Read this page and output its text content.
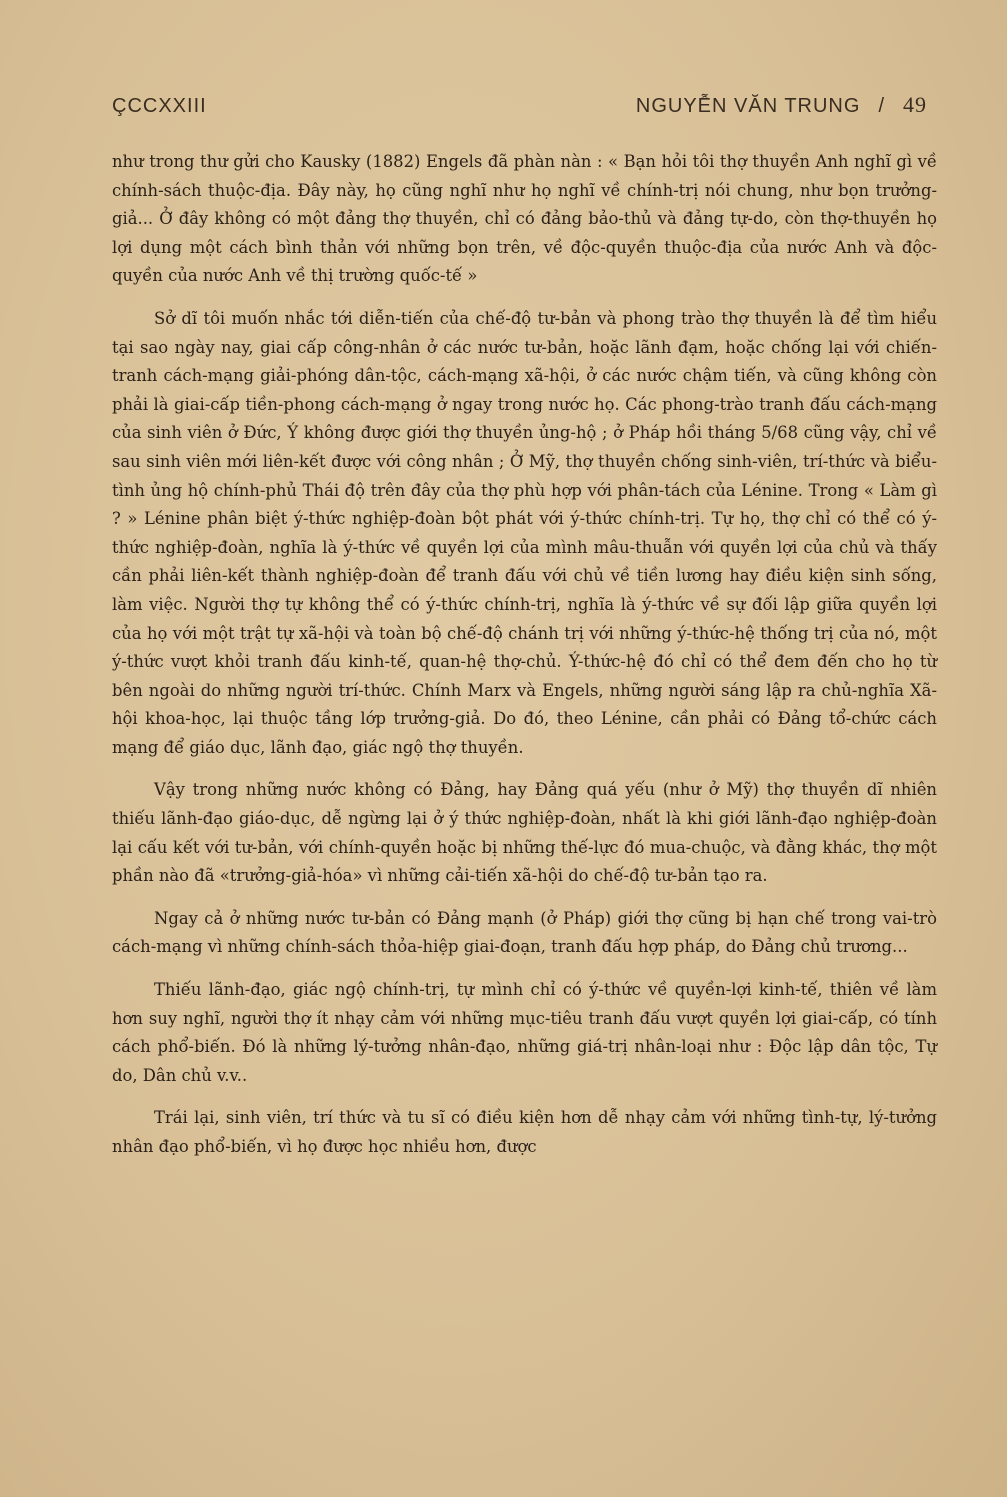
ÇCCXXIII	NGUYỄN VĂN TRUNG / 49

như trong thư gửi cho Kausky (1882) Engels đã phàn nàn : « Bạn hỏi tôi thợ thuyền Anh nghĩ gì về chính-sách thuộc-địa. Đây này, họ cũng nghĩ như họ nghĩ về chính-trị nói chung, như bọn trưởng-giả... Ở đây không có một đảng thợ thuyền, chỉ có đảng bảo-thủ và đảng tự-do, còn thợ-thuyền họ lợi dụng một cách bình thản với những bọn trên, về độc-quyền thuộc-địa của nước Anh và độc-quyền của nước Anh về thị trường quốc-tế »

Sở dĩ tôi muốn nhắc tới diễn-tiến của chế-độ tư-bản và phong trào thợ thuyền là để tìm hiểu tại sao ngày nay, giai cấp công-nhân ở các nước tư-bản, hoặc lãnh đạm, hoặc chống lại với chiến-tranh cách-mạng giải-phóng dân-tộc, cách-mạng xã-hội, ở các nước chậm tiến, và cũng không còn phải là giai-cấp tiền-phong cách-mạng ở ngay trong nước họ. Các phong-trào tranh đấu cách-mạng của sinh viên ở Đức, Ý không được giới thợ thuyền ủng-hộ ; ở Pháp hồi tháng 5/68 cũng vậy, chỉ về sau sinh viên mới liên-kết được với công nhân ; Ở Mỹ, thợ thuyền chống sinh-viên, trí-thức và biểu-tình ủng hộ chính-phủ Thái độ trên đây của thợ phù hợp với phân-tách của Lénine. Trong « Làm gì ? » Lénine phân biệt ý-thức nghiệp-đoàn bột phát với ý-thức chính-trị. Tự họ, thợ chỉ có thể có ý-thức nghiệp-đoàn, nghĩa là ý-thức về quyền lợi của mình mâu-thuẫn với quyền lợi của chủ và thấy cần phải liên-kết thành nghiệp-đoàn để tranh đấu với chủ về tiền lương hay điều kiện sinh sống, làm việc. Người thợ tự không thể có ý-thức chính-trị, nghĩa là ý-thức về sự đối lập giữa quyền lợi của họ với một trật tự xã-hội và toàn bộ chế-độ chánh trị với những ý-thức-hệ thống trị của nó, một ý-thức vượt khỏi tranh đấu kinh-tế, quan-hệ thợ-chủ. Ý-thức-hệ đó chỉ có thể đem đến cho họ từ bên ngoài do những người trí-thức. Chính Marx và Engels, những người sáng lập ra chủ-nghĩa Xã-hội khoa-học, lại thuộc tầng lớp trưởng-giả. Do đó, theo Lénine, cần phải có Đảng tổ-chức cách mạng để giáo dục, lãnh đạo, giác ngộ thợ thuyền.

Vậy trong những nước không có Đảng, hay Đảng quá yếu (như ở Mỹ) thợ thuyền dĩ nhiên thiếu lãnh-đạo giáo-dục, dễ ngừng lại ở ý thức nghiệp-đoàn, nhất là khi giới lãnh-đạo nghiệp-đoàn lại cấu kết với tư-bản, với chính-quyền hoặc bị những thế-lực đó mua-chuộc, và đằng khác, thợ một phần nào đã «trưởng-giả-hóa» vì những cải-tiến xã-hội do chế-độ tư-bản tạo ra.

Ngay cả ở những nước tư-bản có Đảng mạnh (ở Pháp) giới thợ cũng bị hạn chế trong vai-trò cách-mạng vì những chính-sách thỏa-hiệp giai-đoạn, tranh đấu hợp pháp, do Đảng chủ trương...

Thiếu lãnh-đạo, giác ngộ chính-trị, tự mình chỉ có ý-thức về quyền-lợi kinh-tế, thiên về làm hơn suy nghĩ, người thợ ít nhạy cảm với những mục-tiêu tranh đấu vượt quyền lợi giai-cấp, có tính cách phổ-biến. Đó là những lý-tưởng nhân-đạo, những giá-trị nhân-loại như : Độc lập dân tộc, Tự do, Dân chủ v.v..

Trái lại, sinh viên, trí thức và tu sĩ có điều kiện hơn dễ nhạy cảm với những tình-tự, lý-tưởng nhân đạo phổ-biến, vì họ được học nhiều hơn, được
